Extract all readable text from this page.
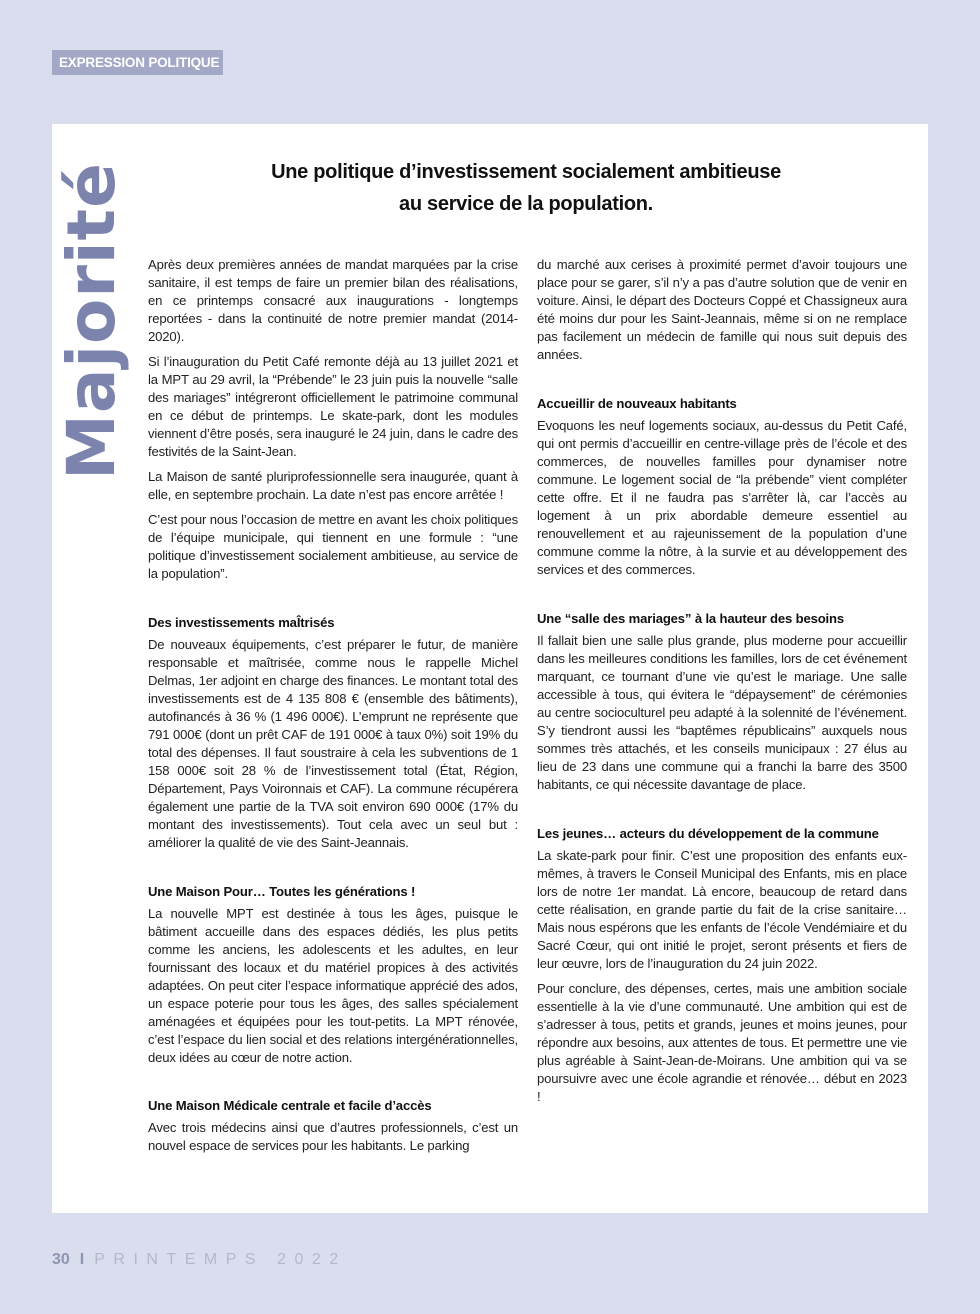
EXPRESSION POLITIQUE
Majorité	Une politique d’investissement socialement ambitieuse
au service de la population.

Après deux premières années de mandat marquées par la crise sanitaire, il est temps de faire un premier bilan des réalisations, en ce printemps consacré aux inaugurations - longtemps reportées - dans la continuité de notre premier mandat (2014-2020).

Si l’inauguration du Petit Café remonte déjà au 13 juillet 2021 et la MPT au 29 avril, la “Prébende” le 23 juin puis la nouvelle “salle des mariages” intégreront officiellement le patrimoine communal en ce début de printemps. Le skate-park, dont les modules viennent d’être posés, sera inauguré le 24 juin, dans le cadre des festivités de la Saint-Jean.

La Maison de santé pluriprofessionnelle sera inaugurée, quant à elle, en septembre prochain. La date n’est pas encore arrêtée !

C’est pour nous l’occasion de mettre en avant les choix politiques de l’équipe municipale, qui tiennent en une formule : “une politique d’investissement socialement ambitieuse, au service de la population”.

Des investissements maÎtrisés

De nouveaux équipements, c’est préparer le futur, de manière responsable et maîtrisée, comme nous le rappelle Michel Delmas, 1er adjoint en charge des finances. Le montant total des investissements est de 4 135 808 € (ensemble des bâtiments), autofinancés à 36 % (1 496 000€). L’emprunt ne représente que 791 000€ (dont un prêt CAF de 191 000€ à taux 0%) soit 19% du total des dépenses. Il faut soustraire à cela les subventions de 1 158 000€ soit 28 % de l’investissement total (État, Région, Département, Pays Voironnais et CAF). La commune récupérera également une partie de la TVA soit environ 690 000€ (17% du montant des investissements). Tout cela avec un seul but : améliorer la qualité de vie des Saint-Jeannais.

Une Maison Pour… Toutes les générations !

La nouvelle MPT est destinée à tous les âges, puisque le bâtiment accueille dans des espaces dédiés, les plus petits comme les anciens, les adolescents et les adultes, en leur fournissant des locaux et du matériel propices à des activités adaptées. On peut citer l’espace informatique apprécié des ados, un espace poterie pour tous les âges, des salles spécialement aménagées et équipées pour les tout-petits. La MPT rénovée, c’est l’espace du lien social et des relations intergénérationnelles, deux idées au cœur de notre action.

Une Maison Médicale centrale et facile d’accès

Avec trois médecins ainsi que d’autres professionnels, c’est un nouvel espace de services pour les habitants. Le parking

du marché aux cerises à proximité permet d’avoir toujours une place pour se garer, s’il n’y a pas d’autre solution que de venir en voiture. Ainsi, le départ des Docteurs Coppé et Chassigneux aura été moins dur pour les Saint-Jeannais, même si on ne remplace pas facilement un médecin de famille qui nous suit depuis des années.

Accueillir de nouveaux habitants

Evoquons les neuf logements sociaux, au-dessus du Petit Café, qui ont permis d’accueillir en centre-village près de l’école et des commerces, de nouvelles familles pour dynamiser notre commune. Le logement social de “la prébende” vient compléter cette offre. Et il ne faudra pas s’arrêter là, car l’accès au logement à un prix abordable demeure essentiel au renouvellement et au rajeunissement de la population d’une commune comme la nôtre, à la survie et au développement des services et des commerces.

Une “salle des mariages” à la hauteur des besoins

Il fallait bien une salle plus grande, plus moderne pour accueillir dans les meilleures conditions les familles, lors de cet événement marquant, ce tournant d’une vie qu’est le mariage. Une salle accessible à tous, qui évitera le “dépaysement” de cérémonies au centre socioculturel peu adapté à la solennité de l’événement. S’y tiendront aussi les “baptêmes républicains” auxquels nous sommes très attachés, et les conseils municipaux : 27 élus au lieu de 23 dans une commune qui a franchi la barre des 3500 habitants, ce qui nécessite davantage de place.

Les jeunes… acteurs du développement de la commune

La skate-park pour finir. C’est une proposition des enfants eux-mêmes, à travers le Conseil Municipal des Enfants, mis en place lors de notre 1er mandat. Là encore, beaucoup de retard dans cette réalisation, en grande partie du fait de la crise sanitaire… Mais nous espérons que les enfants de l’école Vendémiaire et du Sacré Cœur, qui ont initié le projet, seront présents et fiers de leur œuvre, lors de l’inauguration du 24 juin 2022.

Pour conclure, des dépenses, certes, mais une ambition sociale essentielle à la vie d’une communauté. Une ambition qui est de s’adresser à tous, petits et grands, jeunes et moins jeunes, pour répondre aux besoins, aux attentes de tous. Et permettre une vie plus agréable à Saint-Jean-de-Moirans. Une ambition qui va se poursuivre avec une école agrandie et rénovée… début en 2023 !

30 I PRINTEMPS 2022
